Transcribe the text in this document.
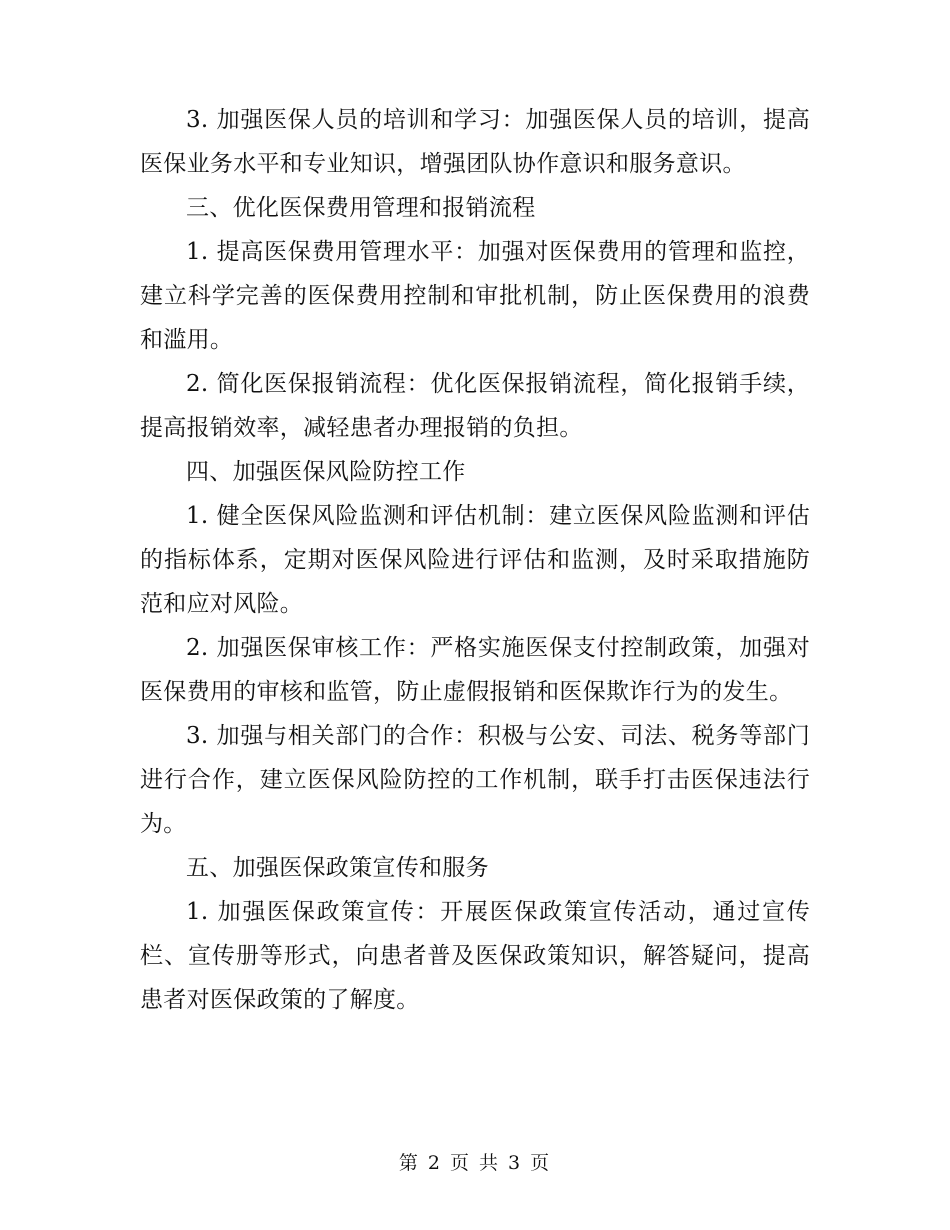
3. 加强医保人员的培训和学习：加强医保人员的培训，提高医保业务水平和专业知识，增强团队协作意识和服务意识。

三、优化医保费用管理和报销流程

1. 提高医保费用管理水平：加强对医保费用的管理和监控，建立科学完善的医保费用控制和审批机制，防止医保费用的浪费和滥用。

2. 简化医保报销流程：优化医保报销流程，简化报销手续，提高报销效率，减轻患者办理报销的负担。

四、加强医保风险防控工作

1. 健全医保风险监测和评估机制：建立医保风险监测和评估的指标体系，定期对医保风险进行评估和监测，及时采取措施防范和应对风险。

2. 加强医保审核工作：严格实施医保支付控制政策，加强对医保费用的审核和监管，防止虚假报销和医保欺诈行为的发生。

3. 加强与相关部门的合作：积极与公安、司法、税务等部门进行合作，建立医保风险防控的工作机制，联手打击医保违法行为。

五、加强医保政策宣传和服务

1. 加强医保政策宣传：开展医保政策宣传活动，通过宣传栏、宣传册等形式，向患者普及医保政策知识，解答疑问，提高患者对医保政策的了解度。

第 2 页 共 3 页
